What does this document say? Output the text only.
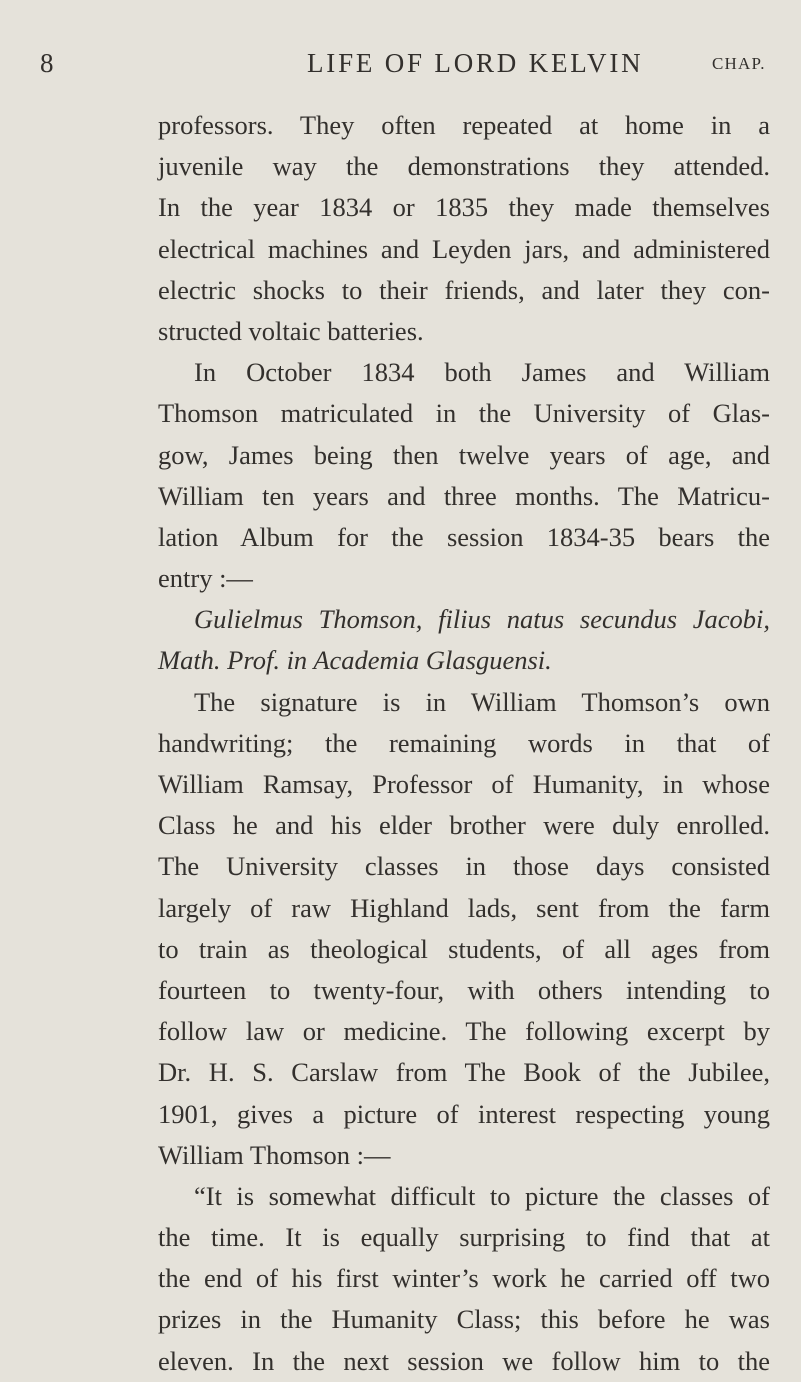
8	LIFE OF LORD KELVIN	CHAP.
professors. They often repeated at home in a
juvenile way the demonstrations they attended.
In the year 1834 or 1835 they made themselves
electrical machines and Leyden jars, and administered
electric shocks to their friends, and later they con-
structed voltaic batteries.
In October 1834 both James and William
Thomson matriculated in the University of Glas-
gow, James being then twelve years of age, and
William ten years and three months. The Matricu-
lation Album for the session 1834-35 bears the
entry :—
Gulielmus Thomson, filius natus secundus Jacobi,
Math. Prof. in Academia Glasguensi.
The signature is in William Thomson’s own
handwriting; the remaining words in that of
William Ramsay, Professor of Humanity, in whose
Class he and his elder brother were duly enrolled.
The University classes in those days consisted
largely of raw Highland lads, sent from the farm
to train as theological students, of all ages from
fourteen to twenty-four, with others intending to
follow law or medicine. The following excerpt by
Dr. H. S. Carslaw from The Book of the Jubilee,
1901, gives a picture of interest respecting young
William Thomson :—
“It is somewhat difficult to picture the classes of
the time. It is equally surprising to find that at
the end of his first winter’s work he carried off two
prizes in the Humanity Class; this before he was
eleven. In the next session we follow him to the
